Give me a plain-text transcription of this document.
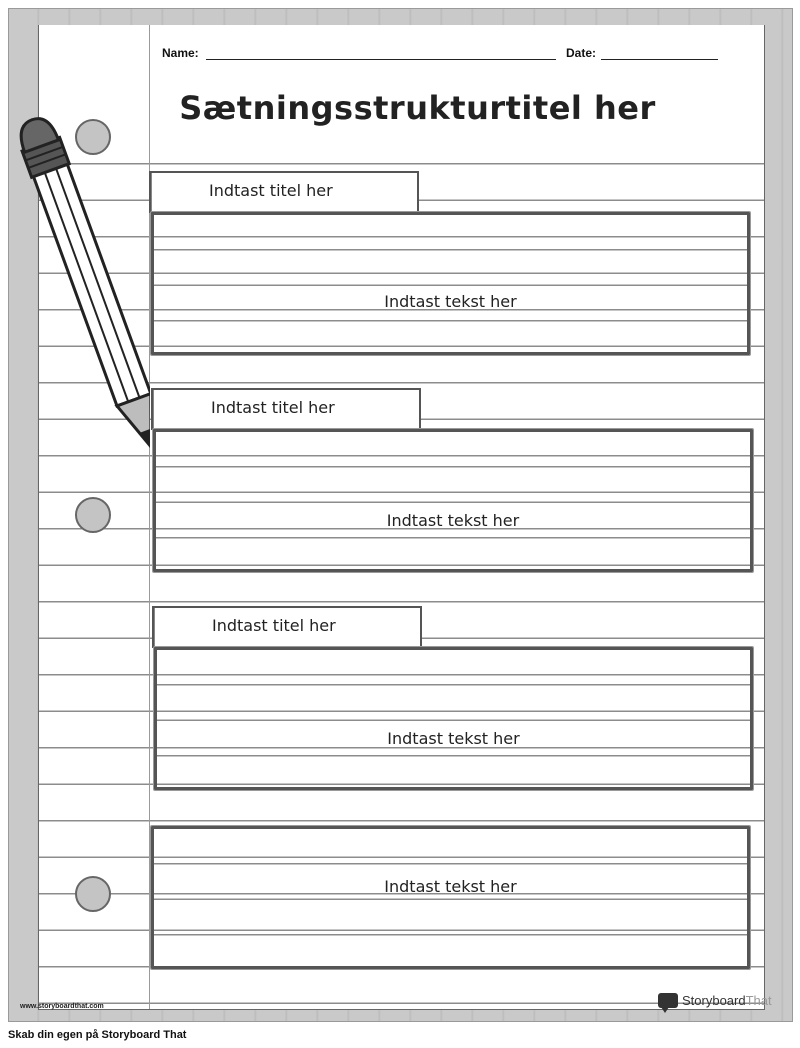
Name:	Date:
Sætningsstrukturtitel her
Indtast titel her
Indtast tekst her
Indtast titel her
Indtast tekst her
Indtast titel her
Indtast tekst her
Indtast tekst her
www.storyboardthat.com	Storyboard That
Skab din egen på Storyboard That
